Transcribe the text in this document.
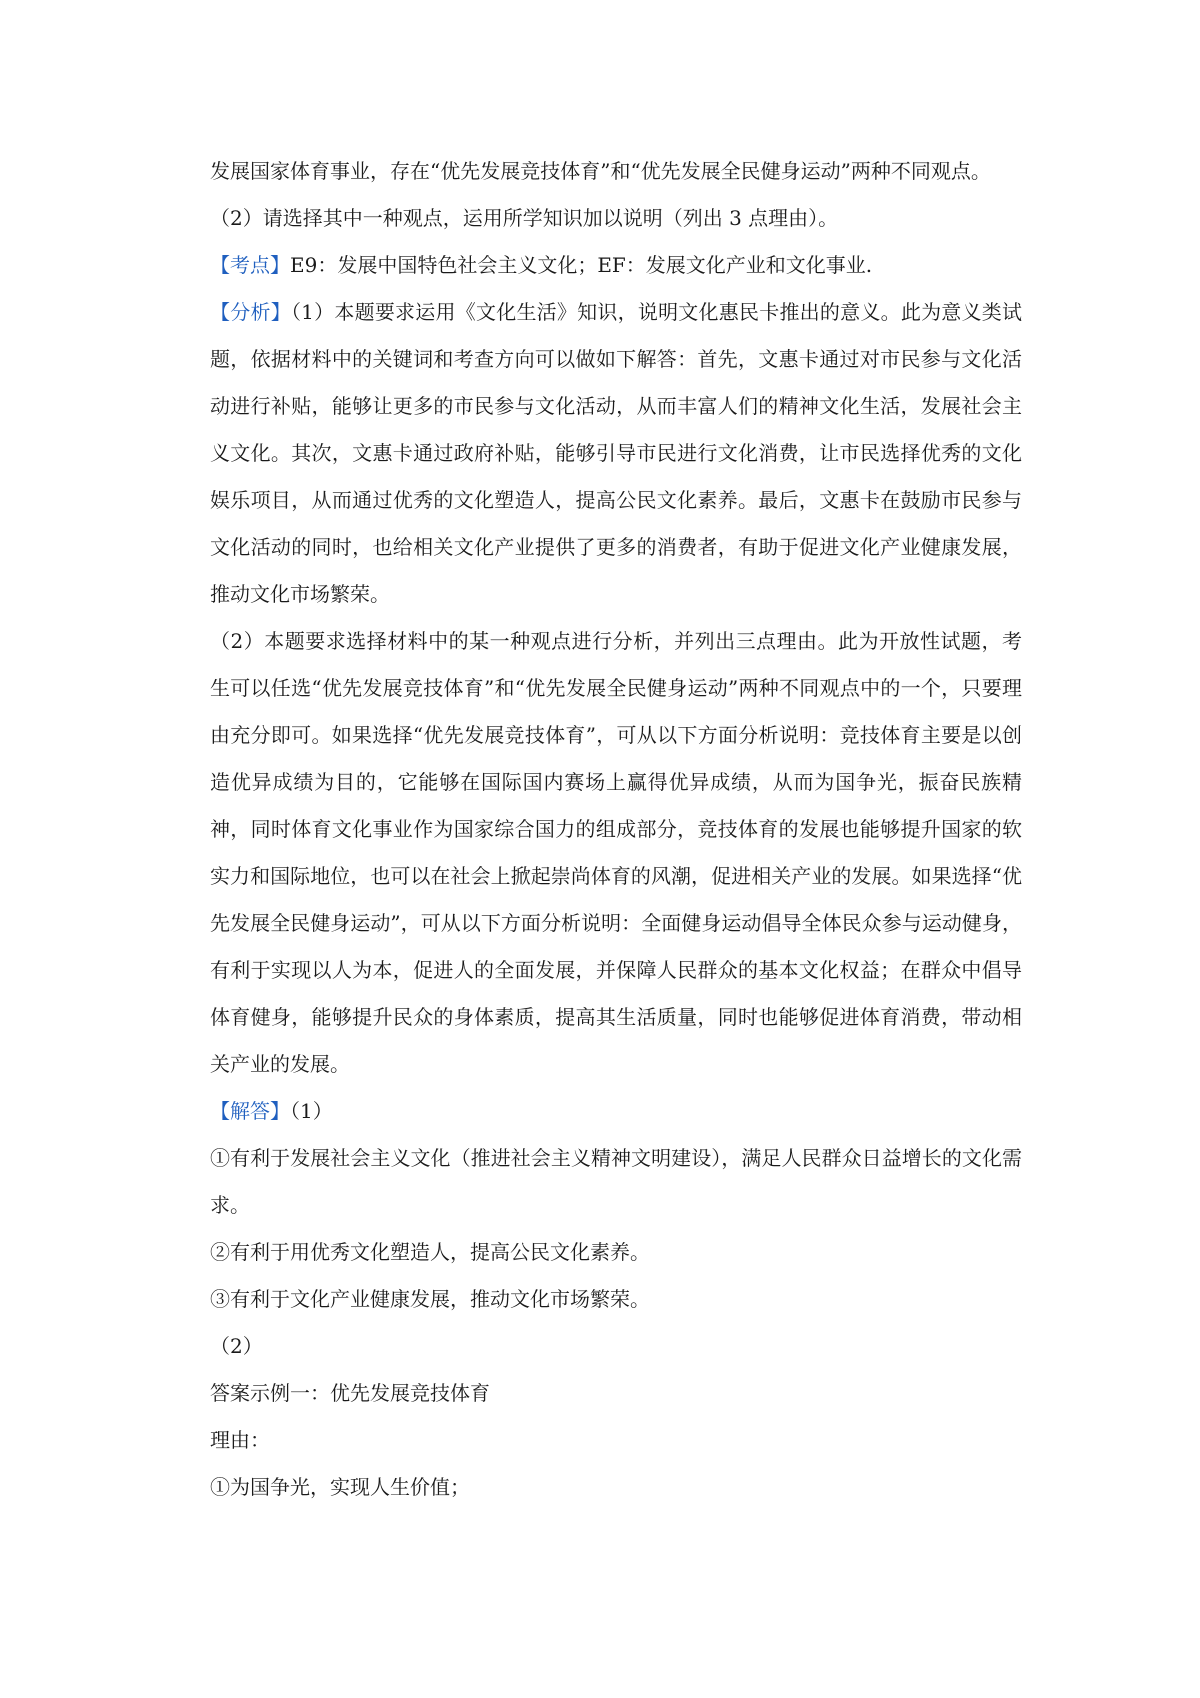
发展国家体育事业，存在“优先发展竞技体育”和“优先发展全民健身运动”两种不同观点。

（2）请选择其中一种观点，运用所学知识加以说明（列出 3 点理由）。

【考点】E9：发展中国特色社会主义文化；EF：发展文化产业和文化事业.

【分析】（1）本题要求运用《文化生活》知识，说明文化惠民卡推出的意义。此为意义类试题，依据材料中的关键词和考查方向可以做如下解答：首先，文惠卡通过对市民参与文化活动进行补贴，能够让更多的市民参与文化活动，从而丰富人们的精神文化生活，发展社会主义文化。其次，文惠卡通过政府补贴，能够引导市民进行文化消费，让市民选择优秀的文化娱乐项目，从而通过优秀的文化塑造人，提高公民文化素养。最后，文惠卡在鼓励市民参与文化活动的同时，也给相关文化产业提供了更多的消费者，有助于促进文化产业健康发展，推动文化市场繁荣。

（2）本题要求选择材料中的某一种观点进行分析，并列出三点理由。此为开放性试题，考生可以任选“优先发展竞技体育”和“优先发展全民健身运动”两种不同观点中的一个，只要理由充分即可。如果选择“优先发展竞技体育”，可从以下方面分析说明：竞技体育主要是以创造优异成绩为目的，它能够在国际国内赛场上赢得优异成绩，从而为国争光，振奋民族精神，同时体育文化事业作为国家综合国力的组成部分，竞技体育的发展也能够提升国家的软实力和国际地位，也可以在社会上掀起崇尚体育的风潮，促进相关产业的发展。如果选择“优先发展全民健身运动”，可从以下方面分析说明：全面健身运动倡导全体民众参与运动健身，有利于实现以人为本，促进人的全面发展，并保障人民群众的基本文化权益；在群众中倡导体育健身，能够提升民众的身体素质，提高其生活质量，同时也能够促进体育消费，带动相关产业的发展。

【解答】（1）

①有利于发展社会主义文化（推进社会主义精神文明建设），满足人民群众日益增长的文化需求。

②有利于用优秀文化塑造人，提高公民文化素养。

③有利于文化产业健康发展，推动文化市场繁荣。

（2）

答案示例一：优先发展竞技体育

理由：

①为国争光，实现人生价值；
